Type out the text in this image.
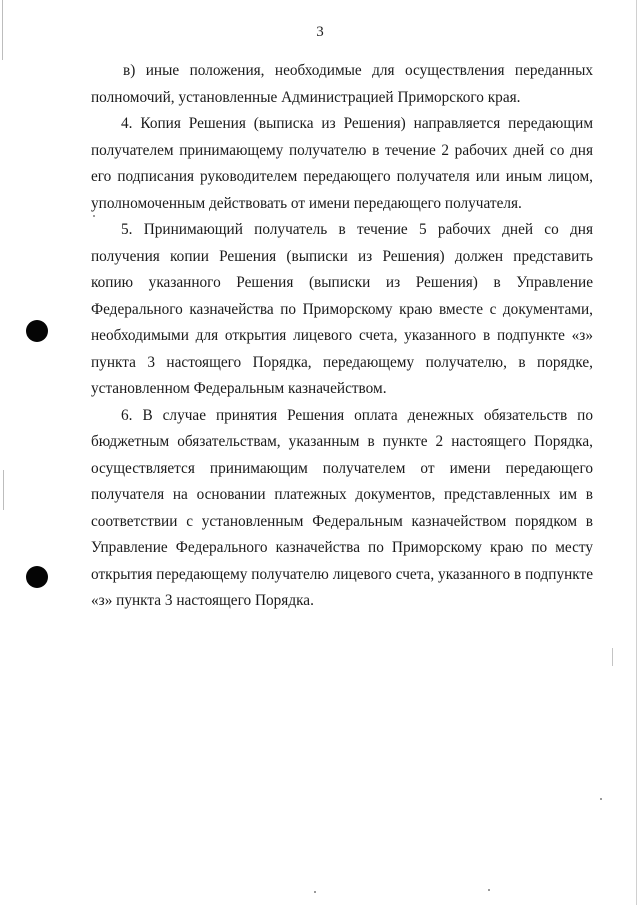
3

в) иные положения, необходимые для осуществления переданных полномочий, установленные Администрацией Приморского края.

4. Копия Решения (выписка из Решения) направляется передающим получателем принимающему получателю в течение 2 рабочих дней со дня его подписания руководителем передающего получателя или иным лицом, уполномоченным действовать от имени передающего получателя.

5. Принимающий получатель в течение 5 рабочих дней со дня получения копии Решения (выписки из Решения) должен представить копию указанного Решения (выписки из Решения) в Управление Федерального казначейства по Приморскому краю вместе с документами, необходимыми для открытия лицевого счета, указанного в подпункте «з» пункта 3 настоящего Порядка, передающему получателю, в порядке, установленном Федеральным казначейством.

6. В случае принятия Решения оплата денежных обязательств по бюджетным обязательствам, указанным в пункте 2 настоящего Порядка, осуществляется принимающим получателем от имени передающего получателя на основании платежных документов, представленных им в соответствии с установленным Федеральным казначейством порядком в Управление Федерального казначейства по Приморскому краю по месту открытия передающему получателю лицевого счета, указанного в подпункте «з» пункта 3 настоящего Порядка.
